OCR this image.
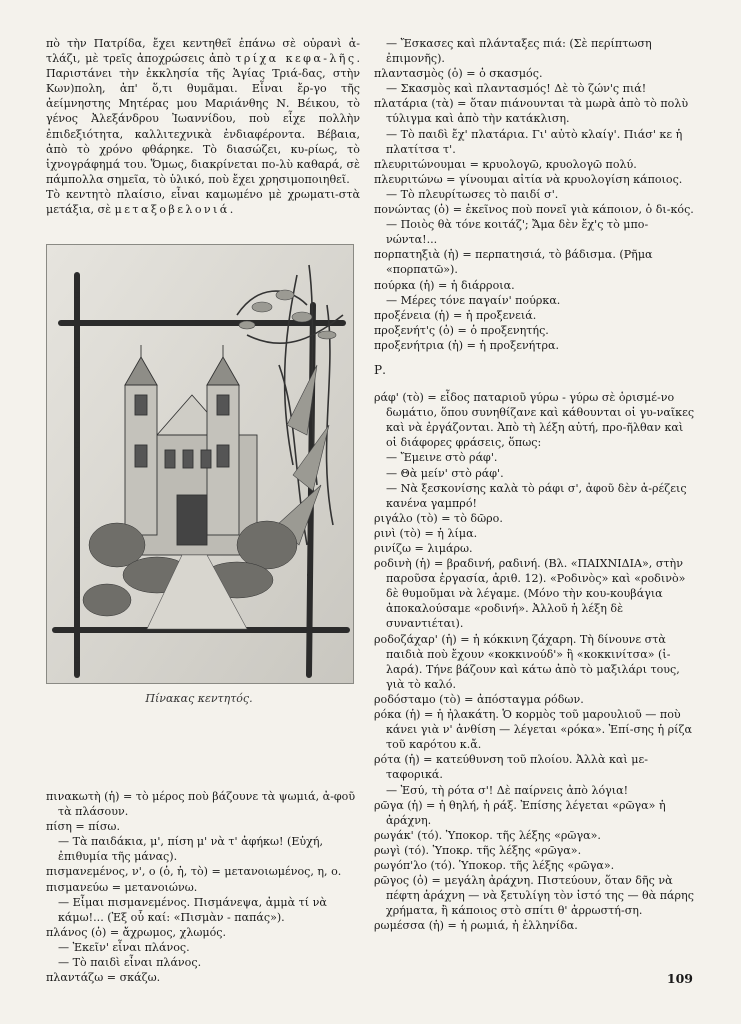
πὸ τὴν Πατρίδα, ἔχει κεντηθεῖ ἐπάνω σὲ οὐρανὶ ἀ-τλάζι, μὲ τρεῖς ἀποχρώσεις ἀπὸ τρίχα κεφα-λῆς. Παριστάνει τὴν ἐκκλησία τῆς Ἁγίας Τριά-δας, στὴν Κων)πολη, ἀπ' ὅ,τι θυμᾶμαι. Εἶναι ἔρ-γο τῆς ἀείμνηστης Μητέρας μου Μαριάνθης Ν. Βέικου, τὸ γένος Ἀλεξάνδρου Ἰωαννίδου, ποὺ εἶχε πολλὴν ἐπιδεξιότητα, καλλιτεχνικὰ ἐνδιαφέροντα. Βέβαια, ἀπὸ τὸ χρόνο φθάρηκε. Τὸ διασώζει, κυ-ρίως, τὸ ἰχνογράφημά του. Ὅμως, διακρίνεται πο-λὺ καθαρά, σὲ πάμπολλα σημεῖα, τὸ ὑλικό, ποὺ ἔχει χρησιμοποιηθεῖ.

Τὸ κεντητὸ πλαίσιο, εἶναι καμωμένο μὲ χρωματι-στὰ μετάξια, σὲ μεταξοβελονιά.

Πίνακας κεντητός.

πινακωτὴ (ἡ) = τὸ μέρος ποὺ βάζουνε τὰ ψωμιά, ἀ-φοῦ τὰ πλάσουν.

πίση = πίσω.

— Τὰ παιδάκια, μ', πίση μ' νὰ τ' ἀφήκω! (Εὐχή, ἐπιθυμία τῆς μάνας).

πισμανεμένος, ν', ο (ὁ, ἡ, τὸ) = μετανοιωμένος, η, ο.

πισμανεύω = μετανοιώνω.

— Εἶμαι πισμανεμένος. Πισμάνεψα, ἀμμὰ τί νὰ κάμω!... (Ἐξ οὗ καί: «Πισμὰν - παπάς»).

πλάνος (ὁ) = ἄχρωμος, χλωμός.

— Ἐκεῖν' εἶναι πλάνος.

— Τὸ παιδὶ εἶναι πλάνος.

πλαντάζω = σκάζω.

— Ἔσκασες καὶ πλάνταξες πιά: (Σὲ περίπτωση ἐπιμονῆς).

πλαντασμὸς (ὁ) = ὁ σκασμός.

— Σκασμὸς καὶ πλαντασμός! Δὲ τὸ ζών'ς πιά!

πλατάρια (τὰ) = ὅταν πιάνουνται τὰ μωρὰ ἀπὸ τὸ πολὺ τύλιγμα καὶ ἀπὸ τὴν κατάκλιση.

— Τὸ παιδὶ ἔχ' πλατάρια. Γι' αὐτὸ κλαίγ'. Πιάσ' κε ἡ πλατίτσα τ'.

πλευριτώνουμαι = κρυολογῶ, κρυολογῶ πολύ.

πλευριτώνω = γίνουμαι αἰτία νὰ κρυολογίση κάποιος.

— Τὸ πλευρίτωσες τὸ παιδί σ'.

πονώντας (ὁ) = ἐκεῖνος ποὺ πονεῖ γιὰ κάποιον, ὁ δι-κός.

— Ποιὸς θὰ τόνε κοιτάζ'; Ἄμα δὲν ἔχ'ς τὸ μπο-νώντα!...

πορπατηξιὰ (ἡ) = περπατησιά, τὸ βάδισμα. (Ρῆμα «πορπατῶ»).

πούρκα (ἡ) = ἡ διάρροια.

— Μέρες τόνε παγαίν' πούρκα.

προξένεια (ἡ) = ἡ προξενειά.

προξενήτ'ς (ὁ) = ὁ προξενητής.

προξενήτρια (ἡ) = ἡ προξενήτρα.

Ρ.

ράφ' (τὸ) = εἶδος παταριοῦ γύρω - γύρω σὲ ὁρισμέ-νο δωμάτιο, ὅπου συνηθίζανε καὶ κάθουνται οἱ γυ-ναῖκες καὶ νὰ ἐργάζονται. Ἀπὸ τὴ λέξη αὐτή, προ-ῆλθαν καὶ οἱ διάφορες φράσεις, ὅπως:

— Ἔμεινε στὸ ράφ'.

— Θὰ μείν' στὸ ράφ'.

— Νὰ ξεσκονίσης καλὰ τὸ ράφι σ', ἀφοῦ δὲν ἀ-ρέζεις κανένα γαμπρό!

ριγάλο (τὸ) = τὸ δῶρο.

ρινὶ (τὸ) = ἡ λίμα.

ρινίζω = λιμάρω.

ροδινὴ (ἡ) = βραδινή, ραδινή. (Βλ. «ΠΑΙΧΝΙΔΙΑ», στὴν παροῦσα ἐργασία, ἀριθ. 12). «Ροδινὸς» καὶ «ροδινὸ» δὲ θυμοῦμαι νὰ λέγαμε. (Μόνο τὴν κου-κουβάγια ἀποκαλούσαμε «ροδινή». Ἀλλοῦ ἡ λέξη δὲ συναντιέται).

ροδοζάχαρ' (ἡ) = ἡ κόκκινη ζάχαρη. Τὴ δίνουνε στὰ παιδιὰ ποὺ ἔχουν «κοκκινούδ'» ἢ «κοκκινίτσα» (ἱ-λαρά). Τήνε βάζουν καὶ κάτω ἀπὸ τὸ μαξιλάρι τους, γιὰ τὸ καλό.

ροδόσταμο (τὸ) = ἀπόσταγμα ρόδων.

ρόκα (ἡ) = ἡ ἠλακάτη. Ὁ κορμὸς τοῦ μαρουλιοῦ — ποὺ κάνει γιὰ ν' ἀνθίση — λέγεται «ρόκα». Ἐπί-σης ἡ ρίζα τοῦ καρότου κ.ἄ.

ρότα (ἡ) = κατεύθυνση τοῦ πλοίου. Ἀλλὰ καὶ με-ταφορικά.

— Ἐσύ, τὴ ρότα σ'! Δὲ παίρνεις ἀπὸ λόγια!

ρῶγα (ἡ) = ἡ θηλή, ἡ ράξ. Ἐπίσης λέγεται «ρῶγα» ἡ ἀράχνη.

ρωγάκ' (τό). Ὑποκορ. τῆς λέξης «ρῶγα».

ρωγὶ (τό). Ὑποκρ. τῆς λέξης «ρῶγα».

ρωγόπ'λο (τό). Ὑποκορ. τῆς λέξης «ρῶγα».

ρῶγος (ὁ) = μεγάλη ἀράχνη. Πιστεύουν, ὅταν δῆς νὰ πέφτη ἀράχνη — νὰ ξετυλίγη τὸν ἱστό της — θὰ πάρης χρήματα, ἢ κάποιος στὸ σπίτι θ' ἀρρωστή-ση.

ρωμέσσα (ἡ) = ἡ ρωμιά, ἡ ἑλληνίδα.

109
